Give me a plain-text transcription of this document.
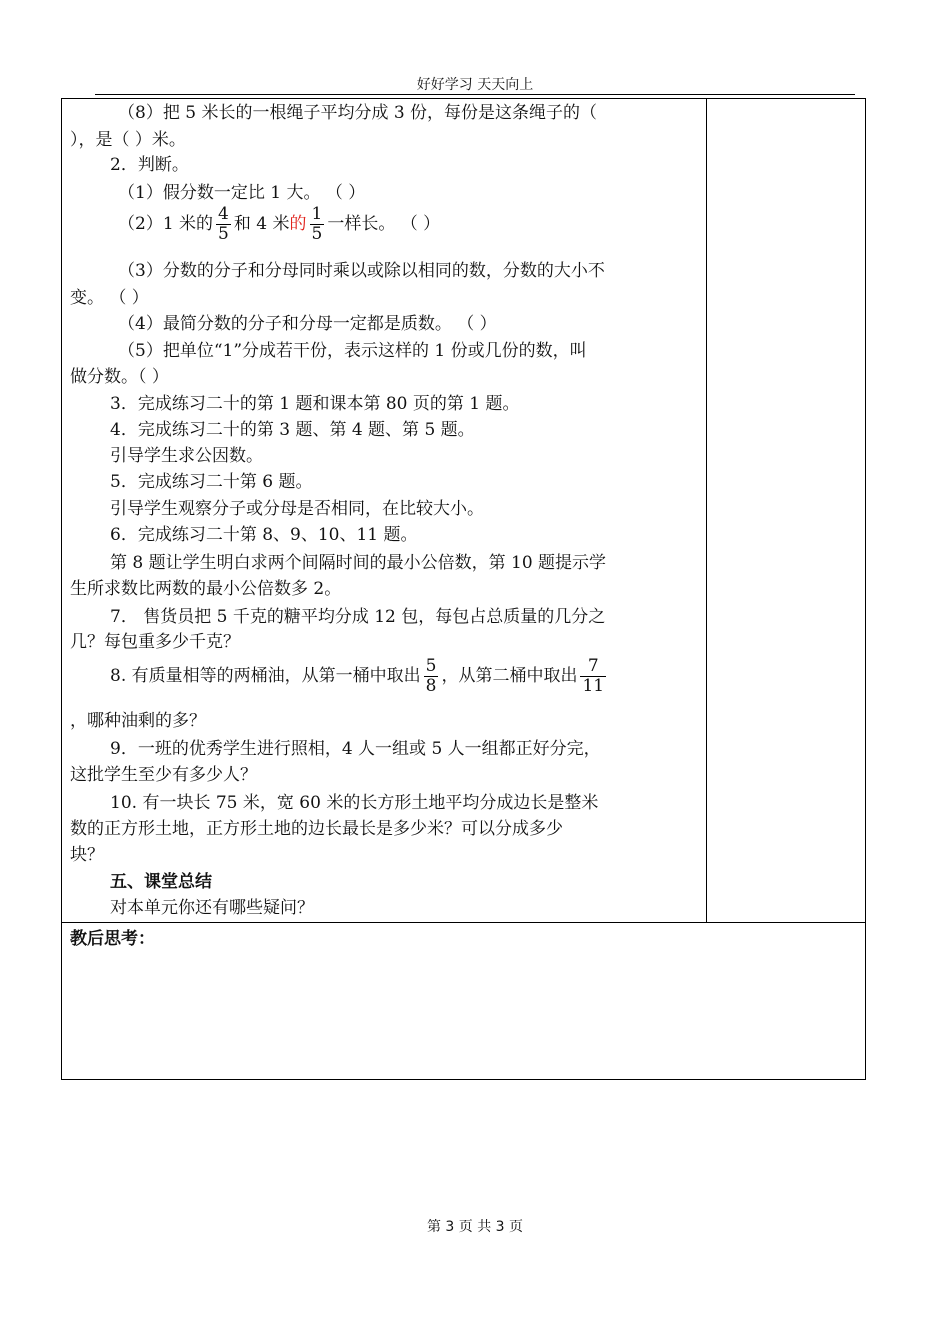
好好学习 天天向上
（8）把 5 米长的一根绳子平均分成 3 份，每份是这条绳子的（
），是（ ）米。
2．判断。
（1）假分数一定比 1 大。 （ ）
（2）1 米的 $\frac{4}{5}$ 和 4 米的 $\frac{1}{5}$ 一样长。 （ ）
（3）分数的分子和分母同时乘以或除以相同的数，分数的大小不
变。 （ ）
（4）最简分数的分子和分母一定都是质数。 （ ）
（5）把单位“1”分成若干份，表示这样的 1 份或几份的数，叫
做分数。（ ）
3．完成练习二十的第 1 题和课本第 80 页的第 1 题。
4．完成练习二十的第 3 题、第 4 题、第 5 题。
引导学生求公因数。
5．完成练习二十第 6 题。
引导学生观察分子或分母是否相同，在比较大小。
6．完成练习二十第 8、9、10、11 题。
第 8 题让学生明白求两个间隔时间的最小公倍数，第 10 题提示学
生所求数比两数的最小公倍数多 2。
7． 售货员把 5 千克的糖平均分成 12 包，每包占总质量的几分之
几？每包重多少千克？
8. 有质量相等的两桶油，从第一桶中取出 $\frac{5}{8}$ ，从第二桶中取出 $\frac{7}{11}$
，哪种油剩的多？
9．一班的优秀学生进行照相，4 人一组或 5 人一组都正好分完，
这批学生至少有多少人？
10. 有一块长 75 米，宽 60 米的长方形土地平均分成边长是整米
数的正方形土地，正方形土地的边长最长是多少米？可以分成多少
块？
五、课堂总结
对本单元你还有哪些疑问？
教后思考：
第 3 页 共 3 页
